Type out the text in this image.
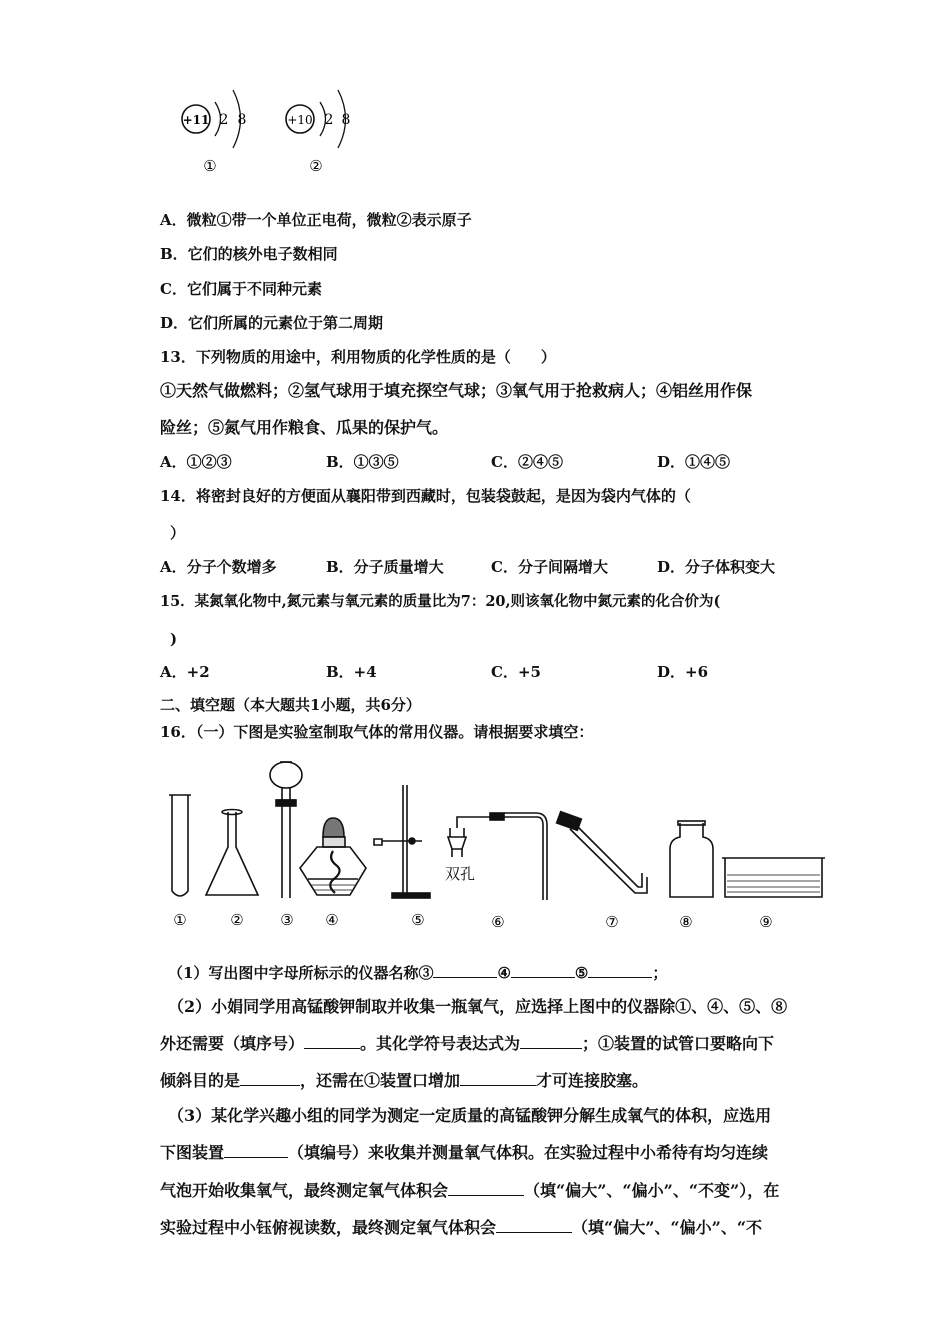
+11 2 8
①
+10 2 8
②
A．微粒①带一个单位正电荷，微粒②表示原子
B．它们的核外电子数相同
C．它们属于不同种元素
D．它们所属的元素位于第二周期
13．下列物质的用途中，利用物质的化学性质的是（　　）
①天然气做燃料；②氢气球用于填充探空气球；③氧气用于抢救病人；④铝丝用作保
险丝；⑤氮气用作粮食、瓜果的保护气。
A．①②③	B．①③⑤	C．②④⑤	D．①④⑤
14．将密封良好的方便面从襄阳带到西藏时，包装袋鼓起，是因为袋内气体的（
）
A．分子个数增多	B．分子质量增大	C．分子间隔增大	D．分子体积变大
15．某氮氧化物中,氮元素与氧元素的质量比为7：20,则该氧化物中氮元素的化合价为(
)
A．+2	B．+4	C．+5	D．+6
二、填空题（本大题共1小题，共6分）
16．（一）下图是实验室制取气体的常用仪器。请根据要求填空：
双孔
①	② ③ ④	⑤	⑥	⑦	⑧	⑨
（1）写出图中字母所标示的仪器名称③	④	⑤	；
（2）小娟同学用高锰酸钾制取并收集一瓶氧气，应选择上图中的仪器除①、④、⑤、⑧
外还需要（填序号）	。其化学符号表达式为	；①装置的试管口要略向下
倾斜目的是	，还需在①装置口增加	才可连接胶塞。
（3）某化学兴趣小组的同学为测定一定质量的高锰酸钾分解生成氧气的体积，应选用
下图装置	（填编号）来收集并测量氧气体积。在实验过程中小希待有均匀连续
气泡开始收集氧气，最终测定氧气体积会	（填“偏大”、“偏小”、“不变”），在
实验过程中小钰俯视读数，最终测定氧气体积会	（填“偏大”、“偏小”、“不
